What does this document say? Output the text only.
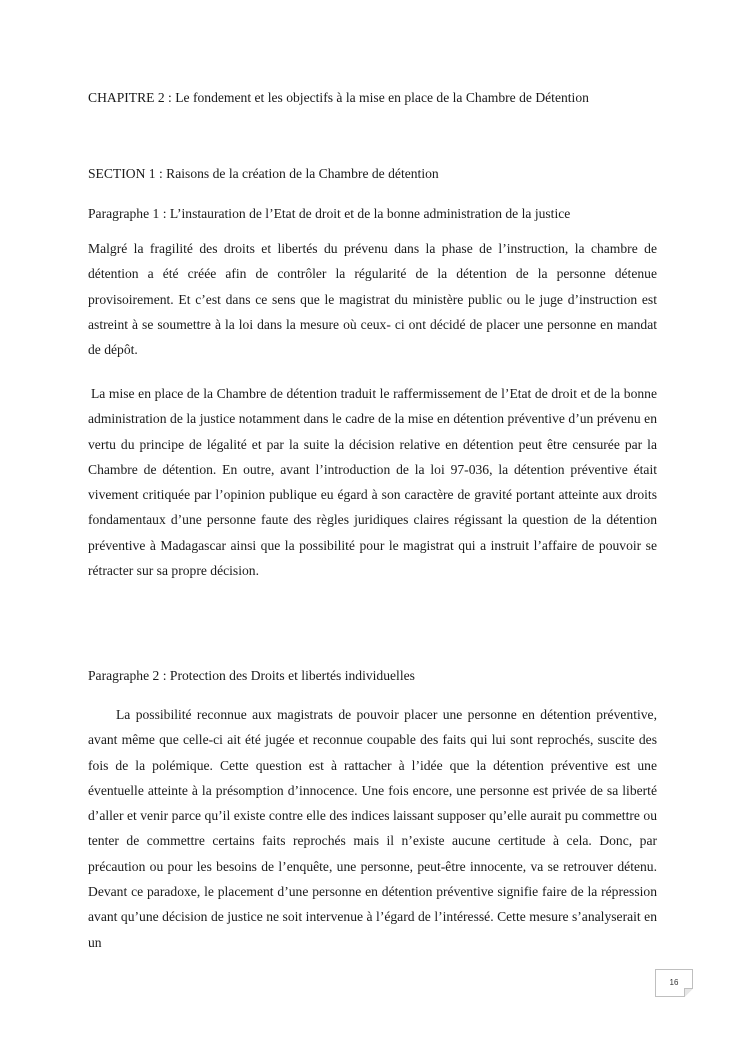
CHAPITRE 2 : Le fondement et les objectifs à la mise en place de la Chambre de Détention
SECTION 1 : Raisons de la création de la Chambre de détention
Paragraphe 1 : L’instauration de l’Etat de droit et de la bonne administration de la justice
Malgré la fragilité des droits et libertés du prévenu dans la phase de l’instruction, la chambre de détention a été créée afin de contrôler la régularité de la détention de la personne détenue provisoirement. Et c’est dans ce sens que le magistrat du ministère public ou le juge d’instruction est astreint à se soumettre à la loi dans la mesure où ceux- ci ont décidé de placer une personne en mandat de dépôt.
La mise en place de la Chambre de détention traduit le raffermissement de l’Etat de droit et de la bonne administration de la justice notamment dans le cadre de la mise en détention préventive d’un prévenu en vertu du principe de légalité et par la suite la décision relative en détention peut être censurée par la Chambre de détention. En outre, avant l’introduction de la loi 97-036, la détention préventive était vivement critiquée par l’opinion publique eu égard à son caractère de gravité portant atteinte aux droits fondamentaux d’une personne faute des règles juridiques claires régissant la question de la détention préventive à Madagascar ainsi que la possibilité pour le magistrat qui a instruit l’affaire de pouvoir se rétracter sur sa propre décision.
Paragraphe 2 : Protection des Droits et libertés individuelles
La possibilité reconnue aux magistrats de pouvoir placer une personne en détention préventive, avant même que celle-ci ait été jugée et reconnue coupable des faits qui lui sont reprochés, suscite des fois de la polémique. Cette question est à rattacher à l’idée que la détention préventive est une éventuelle atteinte à la présomption d’innocence. Une fois encore, une personne est privée de sa liberté d’aller et venir parce qu’il existe contre elle des indices laissant supposer qu’elle aurait pu commettre ou tenter de commettre certains faits reprochés mais il n’existe aucune certitude à cela. Donc, par précaution ou pour les besoins de l’enquête, une personne, peut-être innocente, va se retrouver détenu. Devant ce paradoxe, le placement d’une personne en détention préventive signifie faire de la répression avant qu’une décision de justice ne soit intervenue à l’égard de l’intéressé. Cette mesure s’analyserait en un
16
